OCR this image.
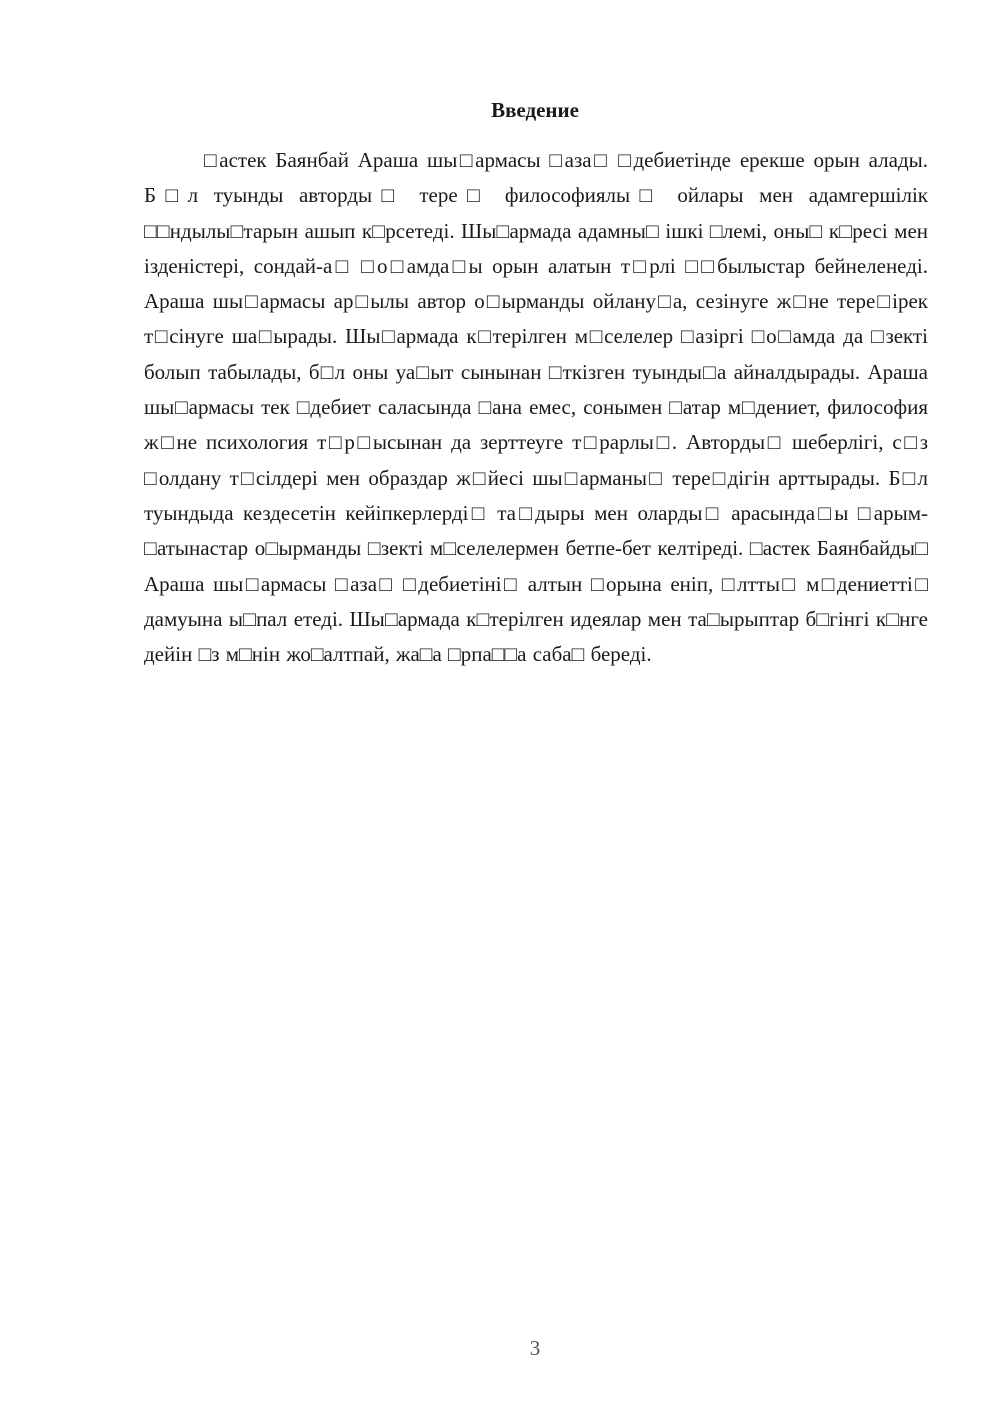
Введение

□астек Баянбай Араша шы□армасы □аза□ □дебиетінде ерекше орын алады. Б□л туынды авторды□ тере□ философиялы□ ойлары мен адамгершілік □□ндылы□тарын ашып к□рсетеді. Шы□армада адамны□ ішкі □лемі, оны□ к□ресі мен ізденістері, сондай-а□ □о□амда□ы орын алатын т□рлі □□былыстар бейнеленеді. Араша шы□армасы ар□ылы автор о□ырманды ойлану□а, сезінуге ж□не тере□ірек т□сінуге ша□ырады. Шы□армада к□терілген м□селелер □азіргі □о□амда да □зекті болып табылады, б□л оны уа□ыт сынынан □ткізген туынды□а айналдырады. Араша шы□армасы тек □дебиет саласында □ана емес, сонымен □атар м□дениет, философия ж□не психология т□р□ысынан да зерттеуге т□рарлы□. Авторды□ шеберлігі, с□з □олдану т□сілдері мен образдар ж□йесі шы□арманы□ тере□дігін арттырады. Б□л туындыда кездесетін кейіпкерлерді□ та□дыры мен оларды□ арасында□ы □арым-□атынастар о□ырманды □зекті м□селелермен бетпе-бет келтіреді. □астек Баянбайды□ Араша шы□армасы □аза□ □дебиетіні□ алтын □орына еніп, □лтты□ м□дениетті□ дамуына ы□пал етеді. Шы□армада к□терілген идеялар мен та□ырыптар б□гінгі к□нге дейін □з м□нін жо□алтпай, жа□а □рпа□□а саба□ береді.

3
